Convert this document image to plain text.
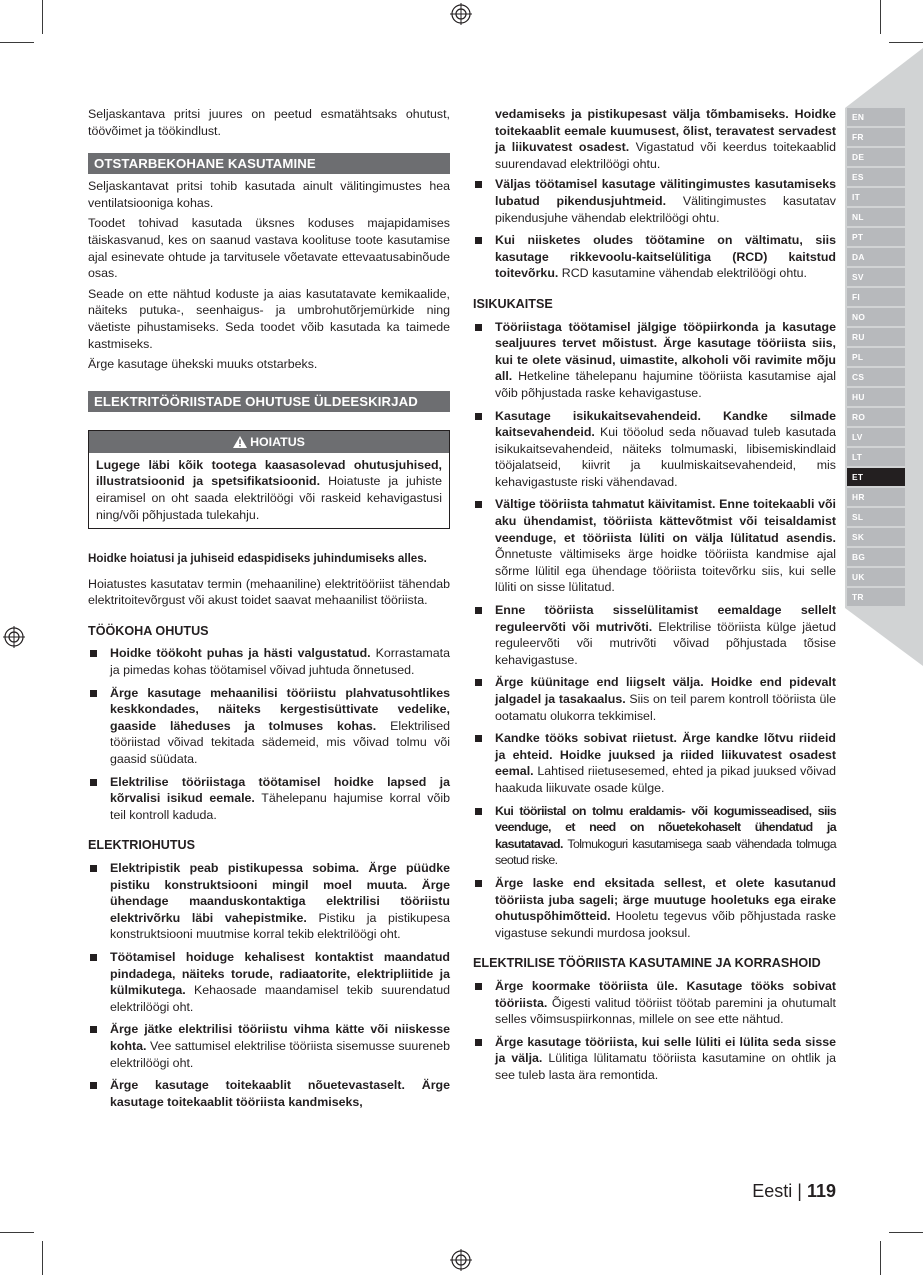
EN
FR
DE
ES
IT
NL
PT
DA
SV
FI
NO
RU
PL
CS
HU
RO
LV
LT
ET
HR
SL
SK
BG
UK
TR

Seljaskantava pritsi juures on peetud esmatähtsaks ohutust, töövõimet ja töökindlust.

OTSTARBEKOHANE KASUTAMINE

Seljaskantavat pritsi tohib kasutada ainult välitingimustes hea ventilatsiooniga kohas.

Toodet tohivad kasutada üksnes koduses majapidamises täiskasvanud, kes on saanud vastava koolituse toote kasutamise ajal esinevate ohtude ja tarvitusele võetavate ettevaatusabinõude osas.

Seade on ette nähtud koduste ja aias kasutatavate kemikaalide, näiteks putuka-, seenhaigus- ja umbrohutõrjemürkide ning väetiste pihustamiseks. Seda toodet võib kasutada ka taimede kastmiseks.

Ärge kasutage ühekski muuks otstarbeks.

ELEKTRITÖÖRIISTADE OHUTUSE ÜLDEESKIRJAD
HOIATUS
Lugege läbi kõik tootega kaasasolevad ohutusjuhised, illustratsioonid ja spetsifikatsioonid. Hoiatuste ja juhiste eiramisel on oht saada elektrilöögi või raskeid kehavigastusi ning/või põhjustada tulekahju.

Hoidke hoiatusi ja juhiseid edaspidiseks juhindumiseks alles.

Hoiatustes kasutatav termin (mehaaniline) elektritööriist tähendab elektritoitevõrgust või akust toidet saavat mehaanilist tööriista.

TÖÖKOHA OHUTUS
Hoidke töökoht puhas ja hästi valgustatud. Korrastamata ja pimedas kohas töötamisel võivad juhtuda õnnetused.
Ärge kasutage mehaanilisi tööriistu plahvatusohtlikes keskkondades, näiteks kergestisüttivate vedelike, gaaside läheduses ja tolmuses kohas. Elektrilised tööriistad võivad tekitada sädemeid, mis võivad tolmu või gaasid süüdata.
Elektrilise tööriistaga töötamisel hoidke lapsed ja kõrvalisi isikud eemale. Tähelepanu hajumise korral võib teil kontroll kaduda.
ELEKTRIOHUTUS
Elektripistik peab pistikupessa sobima. Ärge püüdke pistiku konstruktsiooni mingil moel muuta. Ärge ühendage maanduskontaktiga elektrilisi tööriistu elektrivõrku läbi vahepistmike. Pistiku ja pistikupesa konstruktsiooni muutmise korral tekib elektrilöögi oht.
Töötamisel hoiduge kehalisest kontaktist maandatud pindadega, näiteks torude, radiaatorite, elektripliitide ja külmikutega. Kehaosade maandamisel tekib suurendatud elektrilöögi oht.
Ärge jätke elektrilisi tööriistu vihma kätte või niiskesse kohta. Vee sattumisel elektrilise tööriista sisemusse suureneb elektrilöögi oht.
Ärge kasutage toitekaablit nõuetevastaselt. Ärge kasutage toitekaablit tööriista kandmiseks,

vedamiseks ja pistikupesast välja tõmbamiseks. Hoidke toitekaablit eemale kuumusest, õlist, teravatest servadest ja liikuvatest osadest. Vigastatud või keerdus toitekaablid suurendavad elektrilöögi ohtu.

Väljas töötamisel kasutage välitingimustes kasutamiseks lubatud pikendusjuhtmeid. Välitingimustes kasutatav pikendusjuhe vähendab elektrilöögi ohtu.
Kui niisketes oludes töötamine on vältimatu, siis kasutage rikkevoolu-kaitselülitiga (RCD) kaitstud toitevõrku. RCD kasutamine vähendab elektrilöögi ohtu.
ISIKUKAITSE
Tööriistaga töötamisel jälgige tööpiirkonda ja kasutage sealjuures tervet mõistust. Ärge kasutage tööriista siis, kui te olete väsinud, uimastite, alkoholi või ravimite mõju all. Hetkeline tähelepanu hajumine tööriista kasutamise ajal võib põhjustada raske kehavigastuse.
Kasutage isikukaitsevahendeid. Kandke silmade kaitsevahendeid. Kui tööolud seda nõuavad tuleb kasutada isikukaitsevahendeid, näiteks tolmumaski, libisemiskindlaid tööjalatseid, kiivrit ja kuulmiskaitsevahendeid, mis kehavigastuste riski vähendavad.
Vältige tööriista tahmatut käivitamist. Enne toitekaabli või aku ühendamist, tööriista kättevõtmist või teisaldamist veenduge, et tööriista lüliti on välja lülitatud asendis. Õnnetuste vältimiseks ärge hoidke tööriista kandmise ajal sõrme lülitil ega ühendage tööriista toitevõrku siis, kui selle lüliti on sisse lülitatud.
Enne tööriista sisselülitamist eemaldage sellelt reguleervõti või mutrivõti. Elektrilise tööriista külge jäetud reguleervõti või mutrivõti võivad põhjustada tõsise kehavigastuse.
Ärge küünitage end liigselt välja. Hoidke end pidevalt jalgadel ja tasakaalus. Siis on teil parem kontroll tööriista üle ootamatu olukorra tekkimisel.
Kandke tööks sobivat riietust. Ärge kandke lõtvu riideid ja ehteid. Hoidke juuksed ja riided liikuvatest osadest eemal. Lahtised riietusesemed, ehted ja pikad juuksed võivad haakuda liikuvate osade külge.
Kui tööriistal on tolmu eraldamis- või kogumisseadised, siis veenduge, et need on nõuetekohaselt ühendatud ja kasutatavad. Tolmukoguri kasutamisega saab vähendada tolmuga seotud riske.
Ärge laske end eksitada sellest, et olete kasutanud tööriista juba sageli; ärge muutuge hooletuks ega eirake ohutuspõhimõtteid. Hooletu tegevus võib põhjustada raske vigastuse sekundi murdosa jooksul.
ELEKTRILISE TÖÖRIISTA KASUTAMINE JA KORRASHOID
Ärge koormake tööriista üle. Kasutage tööks sobivat tööriista. Õigesti valitud tööriist töötab paremini ja ohutumalt selles võimsuspiirkonnas, millele on see ette nähtud.
Ärge kasutage tööriista, kui selle lüliti ei lülita seda sisse ja välja. Lülitiga lülitamatu tööriista kasutamine on ohtlik ja see tuleb lasta ära remontida.
Eesti | 119
